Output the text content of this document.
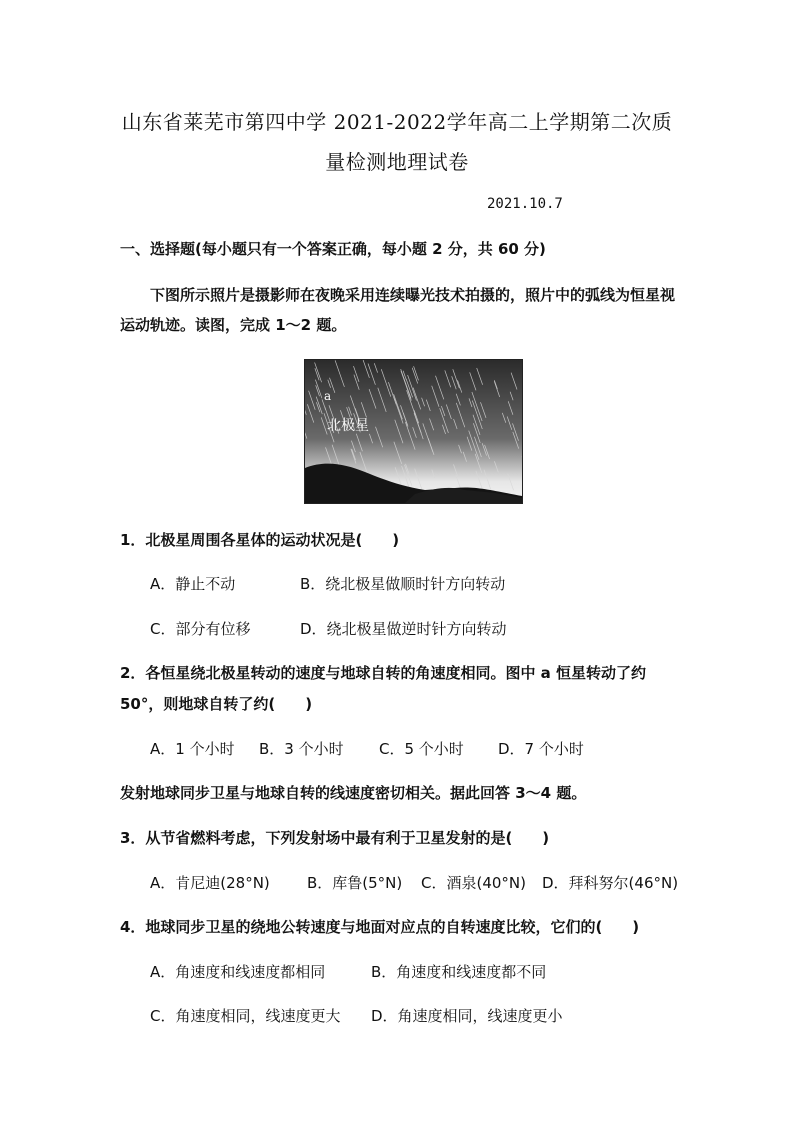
山东省莱芜市第四中学 2021-2022学年高二上学期第二次质
量检测地理试卷
2021.10.7
一、选择题(每小题只有一个答案正确，每小题 2 分，共 60 分)
下图所示照片是摄影师在夜晚采用连续曝光技术拍摄的，照片中的弧线为恒星视运动轨迹。读图，完成 1～2 题。
a
北极星
1．北极星周围各星体的运动状况是(　　)
A．静止不动	B．绕北极星做顺时针方向转动
C．部分有位移	D．绕北极星做逆时针方向转动
2．各恒星绕北极星转动的速度与地球自转的角速度相同。图中 a 恒星转动了约
50°，则地球自转了约(　　)
A．1 个小时 B．3 个小时 C．5 个小时 D．7 个小时
发射地球同步卫星与地球自转的线速度密切相关。据此回答 3～4 题。
3．从节省燃料考虑，下列发射场中最有利于卫星发射的是(　　)
A．肯尼迪(28°N) B．库鲁(5°N) C．酒泉(40°N) D．拜科努尔(46°N)
4．地球同步卫星的绕地公转速度与地面对应点的自转速度比较，它们的(　　)
A．角速度和线速度都相同	B．角速度和线速度都不同
C．角速度相同，线速度更大 D．角速度相同，线速度更小
